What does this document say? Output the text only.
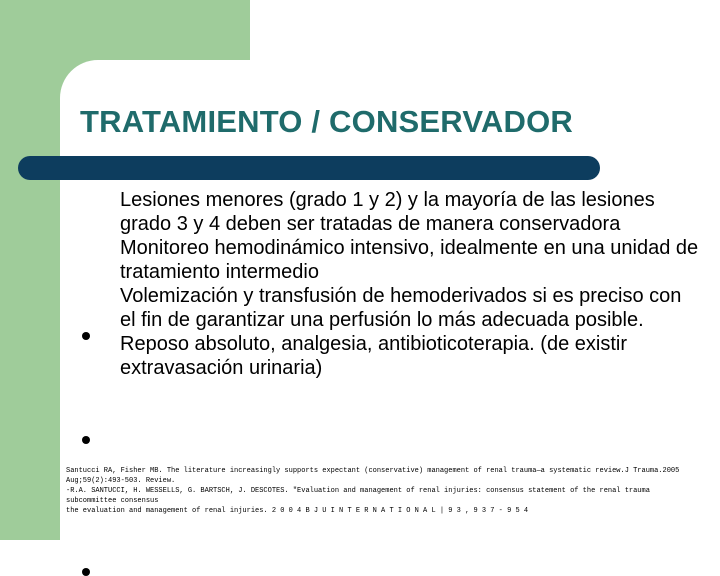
TRATAMIENTO / CONSERVADOR
Lesiones menores (grado 1 y 2) y la mayoría de las lesiones grado 3 y 4 deben ser tratadas de manera conservadora
Monitoreo hemodinámico intensivo, idealmente en una unidad de tratamiento intermedio
Volemización y transfusión de hemoderivados si es preciso con el fin de garantizar una perfusión lo más adecuada posible.
Reposo absoluto, analgesia, antibioticoterapia. (de existir extravasación urinaria)
Santucci RA, Fisher MB. The literature increasingly supports expectant (conservative) management of renal trauma—a systematic review.J Trauma.2005
Aug;59(2):493-503. Review.
-R.A. SANTUCCI, H. WESSELLS, G. BARTSCH, J. DESCOTES. "Evaluation and management of renal injuries: consensus statement of the renal trauma
subcommittee consensus
the evaluation and management of renal injuries. 2 0 0 4 B J U I N T E R N A T I O N A L | 9 3 , 9 3 7 - 9 5 4
